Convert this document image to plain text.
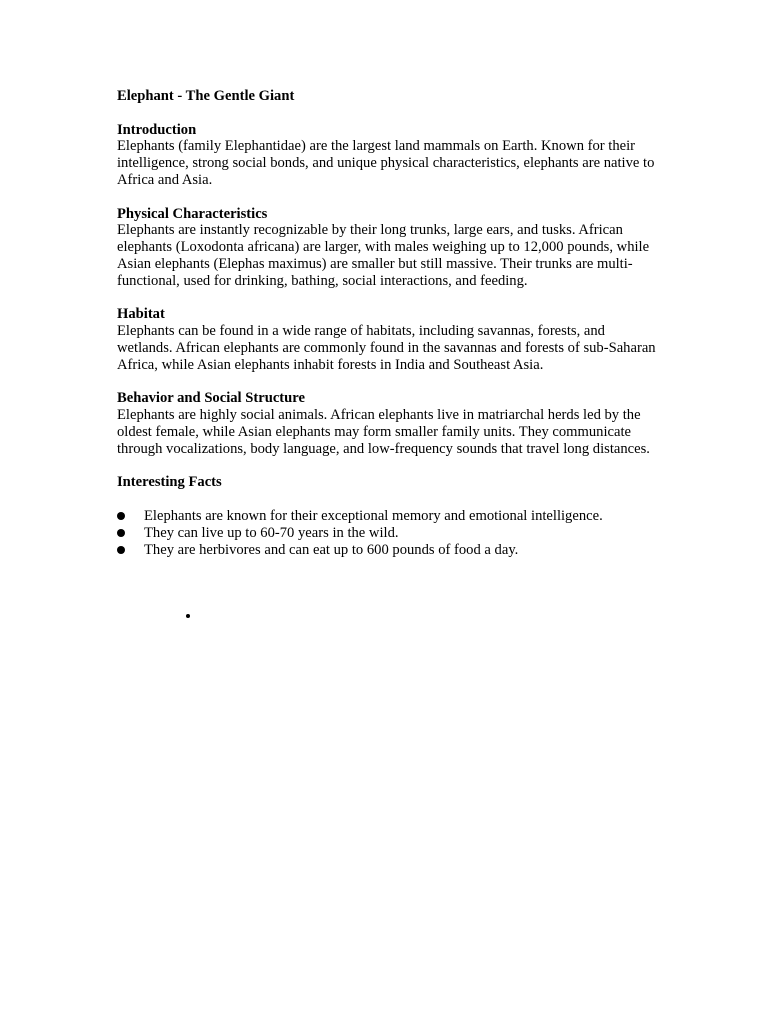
Elephant - The Gentle Giant

Introduction

Elephants (family Elephantidae) are the largest land mammals on Earth. Known for their intelligence, strong social bonds, and unique physical characteristics, elephants are native to Africa and Asia.

Physical Characteristics

Elephants are instantly recognizable by their long trunks, large ears, and tusks. African elephants (Loxodonta africana) are larger, with males weighing up to 12,000 pounds, while Asian elephants (Elephas maximus) are smaller but still massive. Their trunks are multi-functional, used for drinking, bathing, social interactions, and feeding.

Habitat

Elephants can be found in a wide range of habitats, including savannas, forests, and wetlands. African elephants are commonly found in the savannas and forests of sub-Saharan Africa, while Asian elephants inhabit forests in India and Southeast Asia.

Behavior and Social Structure

Elephants are highly social animals. African elephants live in matriarchal herds led by the oldest female, while Asian elephants may form smaller family units. They communicate through vocalizations, body language, and low-frequency sounds that travel long distances.

Interesting Facts

Elephants are known for their exceptional memory and emotional intelligence.
They can live up to 60-70 years in the wild.
They are herbivores and can eat up to 600 pounds of food a day.
